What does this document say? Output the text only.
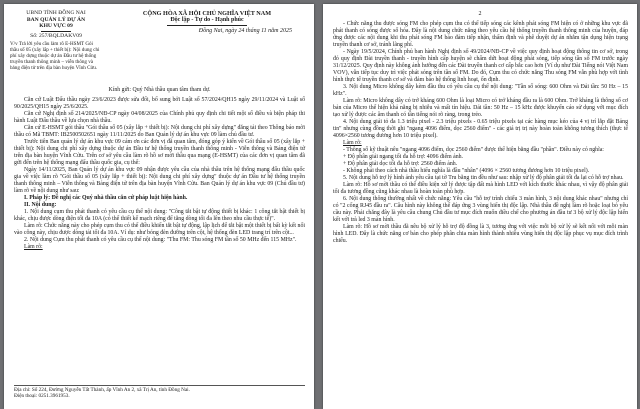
UBND TỈNH ĐỒNG NAI
BAN QUẢN LÝ DỰ ÁN
KHU VỰC 09
Số: 257/BQLDAKV09
V/v Trả lời yêu cầu làm rõ E-HSMT Gói thầu số 05 (xây lắp + thiết bị): Nội dung chi phí xây dựng thuộc dự án Đầu tư hệ thống truyền thanh thông minh – viễn thông và bảng điện tử trên địa bàn huyện Vĩnh Cửu.
CỘNG HÒA XÃ HỘI CHỦ NGHĨA VIỆT NAM
Độc lập - Tự do - Hạnh phúc
Đồng Nai, ngày 24 tháng 11 năm 2025

Kính gửi: Quý Nhà thầu quan tâm tham dự.

Căn cứ Luật Đấu thầu ngày 23/6/2023 được sửa đổi, bổ sung bởi Luật số 57/2024/QH15 ngày 29/11/2024 và Luật số 90/2025/QH15 ngày 25/6/2025.

Căn cứ Nghị định số 214/2025/NĐ-CP ngày 04/08/2025 của Chính phủ quy định chi tiết một số điều và biện pháp thi hành Luật Đấu thầu về lựa chọn nhà thầu.

Căn cứ E-HSMT gói thầu "Gói thầu số 05 (xây lắp + thiết bị): Nội dung chi phí xây dựng" đăng tải theo Thông báo mời thầu có Mã TBMT: IB2500502651 ngày 11/11/2025 do Ban Quản lý dự án khu vực 09 làm chủ đầu tư.

Trước tiên Ban quản lý dự án khu vực 09 cám ơn các đơn vị đã quan tâm, đóng góp ý kiến về Gói thầu số 05 (xây lắp + thiết bị): Nội dung chi phí xây dựng thuộc dự án Đầu tư hệ thống truyền thanh thông minh - Viễn thông và Bảng điện tử trên địa bàn huyện Vĩnh Cửu. Trên cơ sở yêu cầu làm rõ hồ sơ mời thầu qua mạng (E-HSMT) của các đơn vị quan tâm đã gửi đến trên hệ thống mạng đấu thầu quốc gia, cụ thể:

Ngày 14/11/2025, Ban Quản lý dự án khu vực 09 nhận được yêu cầu của nhà thầu trên hệ thống mạng đấu thầu quốc gia về việc làm rõ "Gói thầu số 05 (xây lắp + thiết bị): Nội dung chi phí xây dựng" thuộc dự án Đầu tư hệ thống truyền thanh thông minh – Viễn thông và Bảng điện tử trên địa bàn huyện Vĩnh Cửu. Ban Quản lý dự án khu vực 09 (Chủ đầu tư) làm rõ về nội dung như sau:

I. Pháp lý: Đề nghị các Quý nhà thầu căn cứ pháp luật hiện hành.

II. Nội dung:

1. Nội dung cụm thu phát thanh có yêu cầu cụ thể nội dung: "Công tắt bật tự động thiết bị khác: 1 công tắt bật thiết bị khác, chịu được dòng điện tối đa 10A (có thể thiết kế mạch riêng để tăng dòng tối đa lên theo nhu cầu thực tế)".

Làm rõ: Chức năng này cho phép cụm thu có thể điều khiển tắt bật tự động, lập lịch để tắt bật một thiết bị bất kỳ kết nối vào công này, chịu được dòng tải tối đa 10A. Ví dụ: như bóng đèn đường trên cột, hệ thống đèn LED trang trí trên cột...

2. Nội dung Cụm thu phát thanh có yêu cầu cụ thể nội dung: "Thu FM: Thu sóng FM tần số 50 MHz đến 115 MHz".

Làm rõ:

Địa chỉ: Số 224, Đường Nguyễn Tất Thành, ấp Vĩnh An 2, xã Trị An, tỉnh Đồng Nai.
Điện thoại: 0251.3961953.
2

- Chức năng thu được sóng FM cho phép cụm thu có thể tiếp sóng các kênh phát sóng FM hiện có ở những khu vực đã phát thanh có sóng được số hóa. Đây là nội dung chức năng theo yêu cầu hệ thống truyền thanh thông minh của huyện, đáp ứng được các nội dung khi thu phát sóng FM bảo đảm tiếp nhận, thẩm định và phê duyệt dự án nhằm tận dụng hiện trạng truyền thanh cơ sở, tránh lãng phí.

- Ngày 19/5/2024, Chính phủ ban hành Nghị định số 49/2024/NĐ-CP về việc quy định hoạt động thông tin cơ sở, trong đó quy định Đài truyền thanh - truyền hình cấp huyện sẽ chấm dứt hoạt động phát sóng, tiếp sóng tần số FM trước ngày 31/12/2025. Quy định này không ảnh hưởng đến các Đài truyền thanh cơ cấp bắc cao hơn (Ví dụ như Đài Tiếng nói Việt Nam VOV), vẫn tiếp tục duy trì việc phát sóng trên tần số FM. Do đó, Cụm thu có chức năng Thu sóng FM vẫn phù hợp với tình hình thực tế truyền thanh cơ sở và đảm bảo hệ thống linh hoạt, ổn định.

3. Nội dung Micro không dây kèm đầu thu có yêu cầu cụ thể nội dung: "Tần số sóng: 600 Ohm và Đải tần: 50 Hz – 15 kHz".

Làm rõ: Micro không dây có trở kháng 600 Ohm là loại Micro có trở kháng đầu ra là 600 Ohm. Trở kháng là thông số cơ bản của Micro thể hiện khả năng bị nhiễu và mất tín hiệu. Dải tần: 50 Hz – 15 kHz được khuyến cáo sử dụng với mục đích tạo xử lý được các âm thanh có tần tiếng nói rõ ràng, trong trẻo.

4. Nội dung giải tỏ đa 1.3 triệu pixel - 2.3 triệu pixels - 0.65 triệu pixels tại các hàng mục kéo của 4 vị trí lắp đặt Bảng tin" nhưng cùng đồng thời ghi "ngang 4096 điểm, dọc 2560 điểm" - các giá trị trị này hoàn toàn không tương thích (thực tế 4096×2560 tương đương hơn 10 triệu pixel).

Làm rõ:

- Thông số kỹ thuật nêu "ngang 4096 điểm, dọc 2560 điểm" được thể hiện bằng đầu "phần". Điều này có nghĩa:

+ Độ phân giải ngang tối đa hỗ trợ: 4096 điểm ảnh.

+ Độ phân giải dọc tối đa hỗ trợ: 2560 điểm ảnh.

- Không phải theo cách nhà thầu hiểu nghĩa là đầu "nhân" (4096 × 2560 tương đương hơn 10 triệu pixel).

5. Nội dung hỗ trợ lý hình ảnh yêu cầu tại tờ Tru băng tin đều như sau: nhập xử lý độ phân giải tối đa lại có hỗ trợ nhau.

Làm rõ: Hồ sơ mời thầu có thể điều kiện xử lý được tập đất mà hình LED với kích thước khác nhau, vì vậy độ phân giải tối đa tương đồng cũng khác nhau là hoàn toàn phù hợp.

6. Nội dung thông thường nhất về chức năng: Yêu cầu "hỗ trợ trình chiếu 3 màn hình, 3 nội dung khác nhau" nhưng chỉ có "2 cổng RJ45 đầu ra". Câu hình này không thể đáp ứng 3 vùng hiển thị độc lập. Nhà thầu đề nghị làm rõ hoặc loại bỏ yêu cầu này. Phải chăng đây là yêu cầu chung Chủ đầu tư mục đích muốn điều chế cho phương án đầu tư 3 bộ xử lý độc lập hiển kết với trà led 3 màn hình.

Làm rõ: Hồ sơ mời thầu đã nêu bộ xử lý hỗ trợ độ đồng là 3, tương ứng với việc mỗi bộ xử lý sẽ kết nối với mỗi màn hình LED. Đây là chức năng cơ bản cho phép phân chia màn hình thành nhiều vùng hiển thị độc lập phục vụ mục đích trình chiếu.
